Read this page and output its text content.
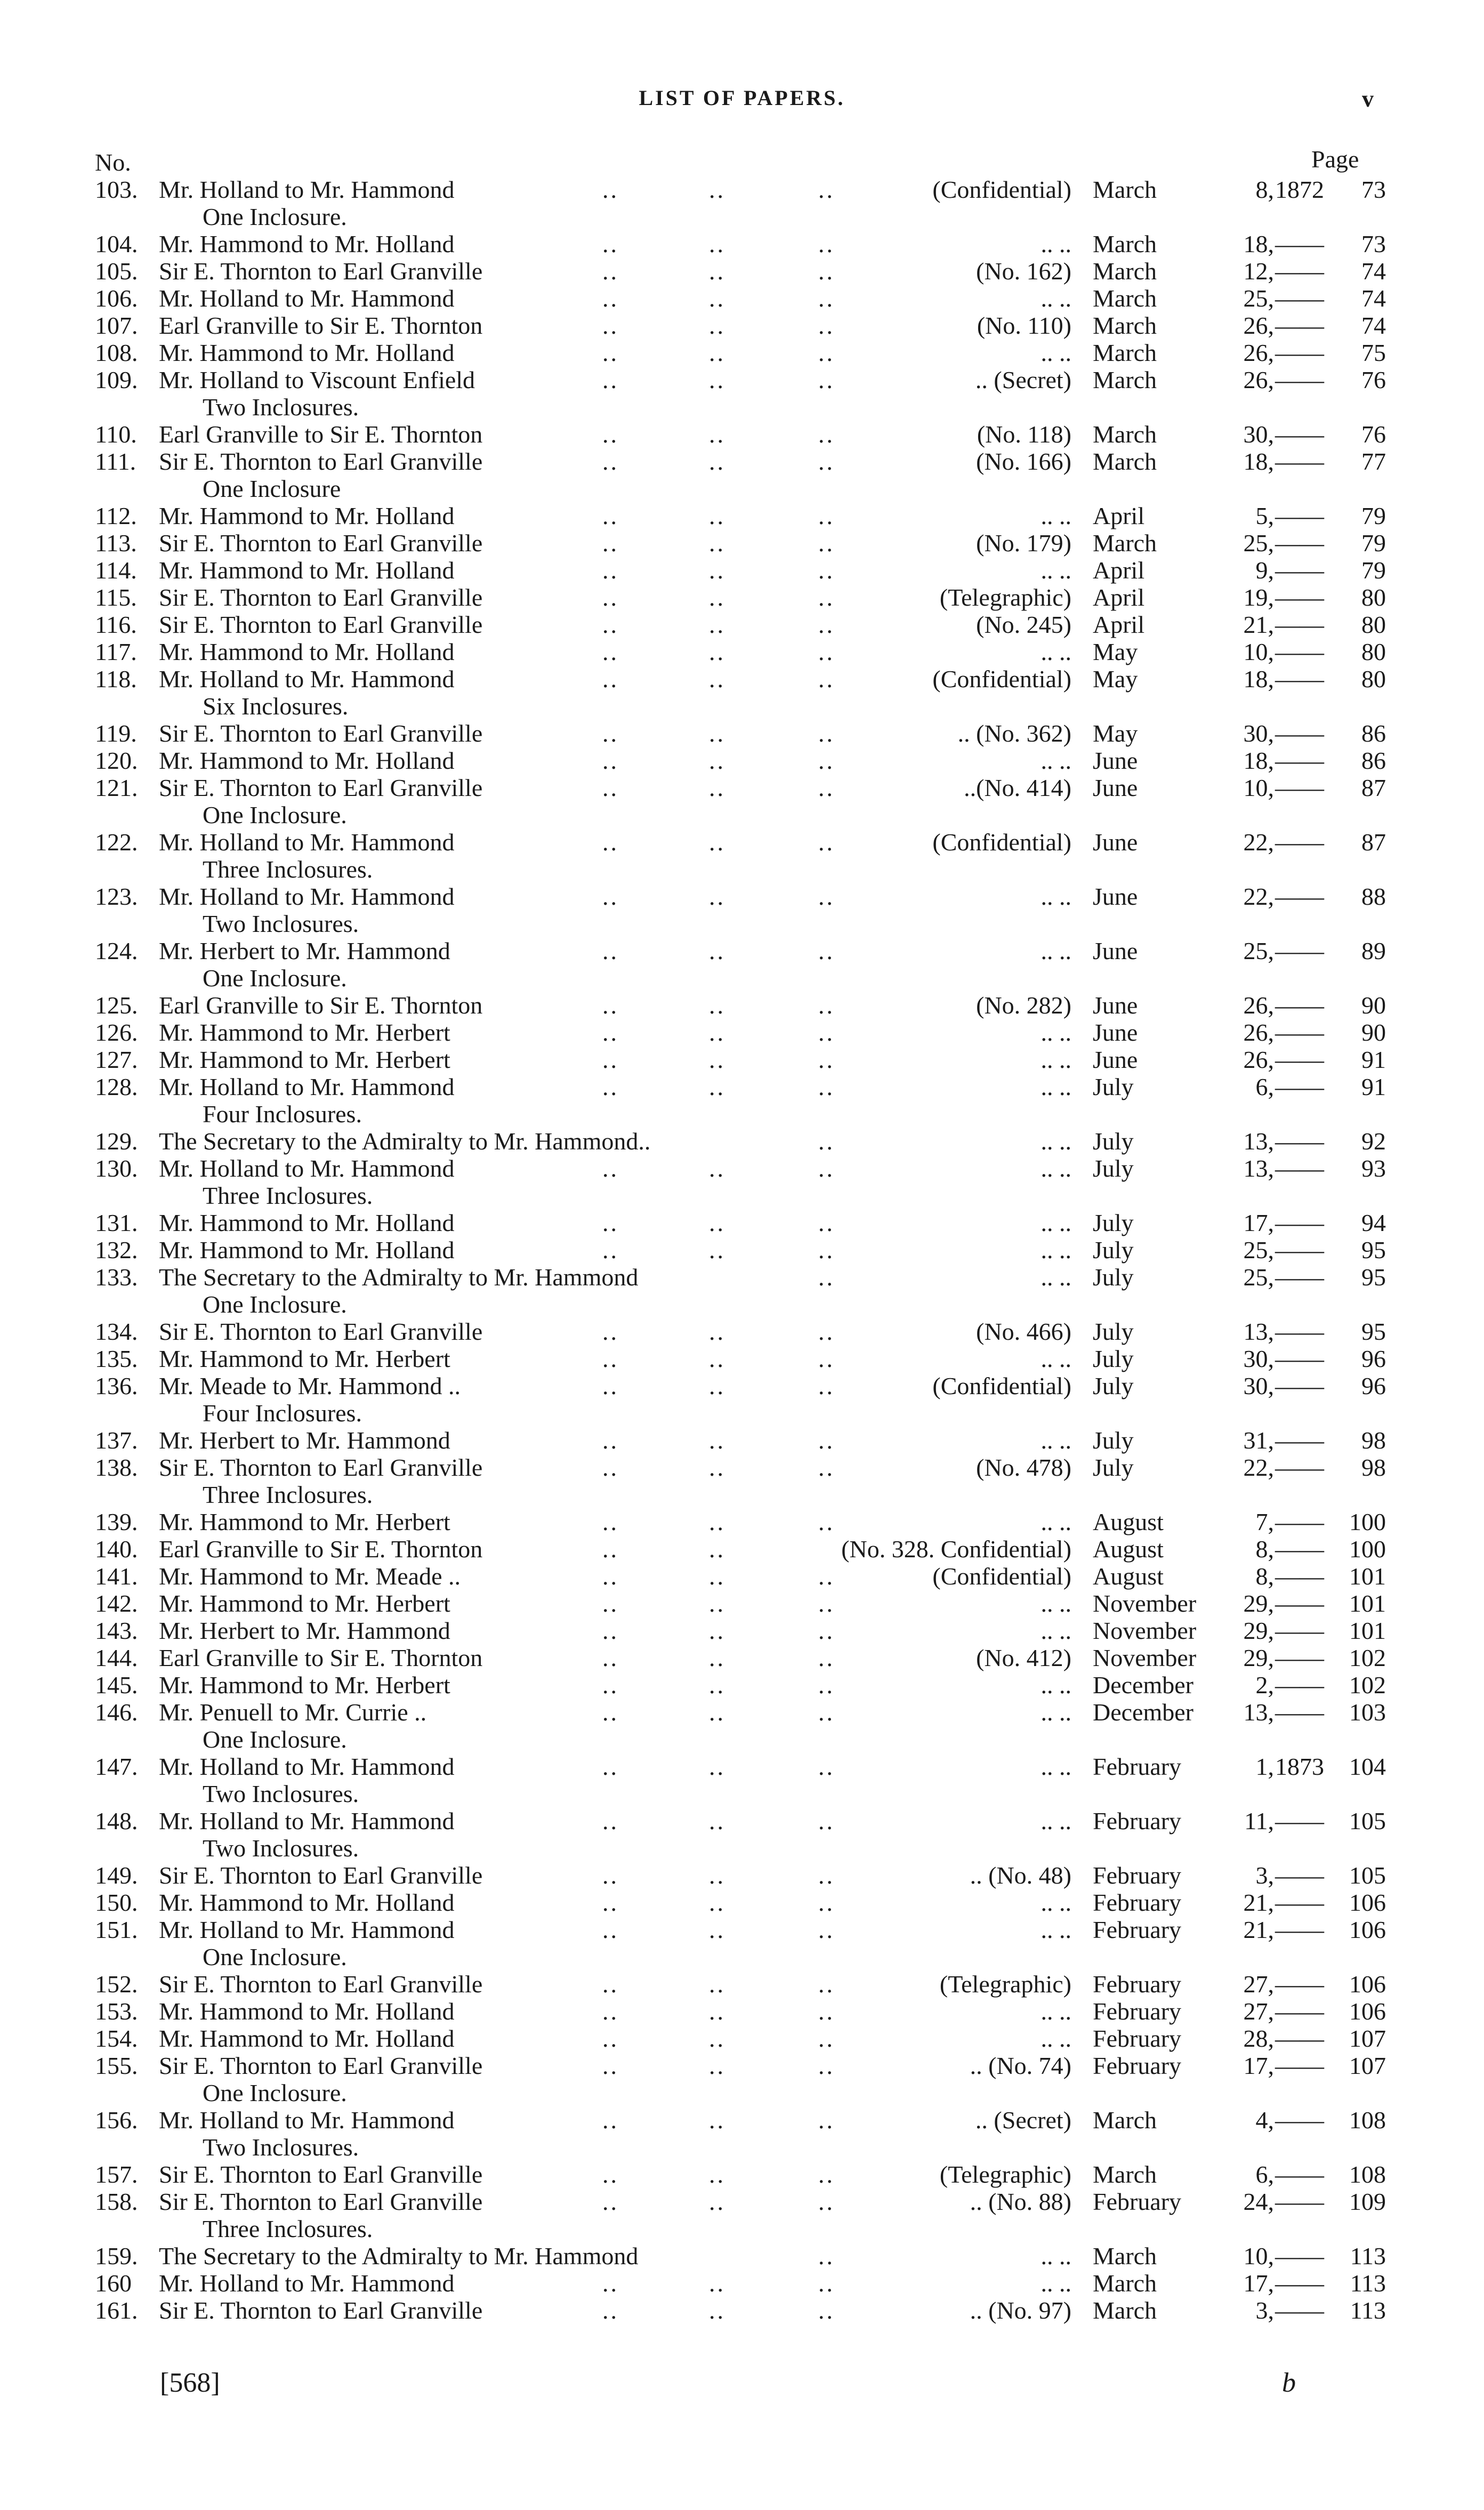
LIST OF PAPERS.	v
No.	Page
103. Mr. Holland to Mr. Hammond	..	..	..	(Confidential) March	8, 1872	73
One Inclosure.
104. Mr. Hammond to Mr. Holland	..	..	..	.. .. March	18, ——	73
105. Sir E. Thornton to Earl Granville	..	..	..	(No. 162) March	12, ——	74
106. Mr. Holland to Mr. Hammond	..	..	..	.. .. March	25, ——	74
107. Earl Granville to Sir E. Thornton	..	..	..	(No. 110) March	26, ——	74
108. Mr. Hammond to Mr. Holland	..	..	..	.. .. March	26, ——	75
109. Mr. Holland to Viscount Enfield	..	..	..	.. (Secret) March	26, ——	76
Two Inclosures.
110. Earl Granville to Sir E. Thornton	..	..	..	(No. 118) March	30, ——	76
111. Sir E. Thornton to Earl Granville	..	..	..	(No. 166) March	18, ——	77
One Inclosure
112. Mr. Hammond to Mr. Holland	..	..	..	.. .. April	5, ——	79
113. Sir E. Thornton to Earl Granville	..	..	..	(No. 179) March	25, ——	79
114. Mr. Hammond to Mr. Holland	..	..	..	.. .. April	9, ——	79
115. Sir E. Thornton to Earl Granville	..	..	..	(Telegraphic) April	19, ——	80
116. Sir E. Thornton to Earl Granville	..	..	..	(No. 245) April	21, ——	80
117. Mr. Hammond to Mr. Holland	..	..	..	.. .. May	10, ——	80
118. Mr. Holland to Mr. Hammond	..	..	..	(Confidential) May	18, ——	80
Six Inclosures.
119. Sir E. Thornton to Earl Granville	..	..	..	.. (No. 362) May	30, ——	86
120. Mr. Hammond to Mr. Holland	..	..	..	.. .. June	18, ——	86
121. Sir E. Thornton to Earl Granville	..	..	..	..(No. 414) June	10, ——	87
One Inclosure.
122. Mr. Holland to Mr. Hammond	..	..	..	(Confidential) June	22, ——	87
Three Inclosures.
123. Mr. Holland to Mr. Hammond	..	..	..	.. .. June	22, ——	88
Two Inclosures.
124. Mr. Herbert to Mr. Hammond	..	..	..	.. .. June	25, ——	89
One Inclosure.
125. Earl Granville to Sir E. Thornton	..	..	..	(No. 282) June	26, ——	90
126. Mr. Hammond to Mr. Herbert	..	..	..	.. .. June	26, ——	90
127. Mr. Hammond to Mr. Herbert	..	..	..	.. .. June	26, ——	91
128. Mr. Holland to Mr. Hammond	..	..	..	.. .. July	6, ——	91
Four Inclosures.
129. The Secretary to the Admiralty to Mr. Hammond..	..	.. .. July	13, ——	92
130. Mr. Holland to Mr. Hammond	..	..	..	.. .. July	13, ——	93
Three Inclosures.
131. Mr. Hammond to Mr. Holland	..	..	..	.. .. July	17, ——	94
132. Mr. Hammond to Mr. Holland	..	..	..	.. .. July	25, ——	95
133. The Secretary to the Admiralty to Mr. Hammond	..	.. .. July	25, ——	95
One Inclosure.
134. Sir E. Thornton to Earl Granville	..	..	..	(No. 466) July	13, ——	95
135. Mr. Hammond to Mr. Herbert	..	..	..	.. .. July	30, ——	96
136. Mr. Meade to Mr. Hammond ..	..	..	..	(Confidential) July	30, ——	96
Four Inclosures.
137. Mr. Herbert to Mr. Hammond	..	..	..	.. .. July	31, ——	98
138. Sir E. Thornton to Earl Granville	..	..	..	(No. 478) July	22, ——	98
Three Inclosures.
139. Mr. Hammond to Mr. Herbert	..	..	..	.. .. August	7, ——	100
140. Earl Granville to Sir E. Thornton	..	..	(No. 328. Confidential) August	8, ——	100
141. Mr. Hammond to Mr. Meade ..	..	..	..	(Confidential) August	8, ——	101
142. Mr. Hammond to Mr. Herbert	..	..	..	.. .. November	29, ——	101
143. Mr. Herbert to Mr. Hammond	..	..	..	.. .. November	29, ——	101
144. Earl Granville to Sir E. Thornton	..	..	..	(No. 412) November	29, ——	102
145. Mr. Hammond to Mr. Herbert	..	..	..	.. .. December	2, ——	102
146. Mr. Penuell to Mr. Currie ..	..	..	..	.. .. December	13, ——	103
One Inclosure.
147. Mr. Holland to Mr. Hammond	..	..	..	.. .. February	1, 1873	104
Two Inclosures.
148. Mr. Holland to Mr. Hammond	..	..	..	.. .. February	11, ——	105
Two Inclosures.
149. Sir E. Thornton to Earl Granville	..	..	..	.. (No. 48) February	3, ——	105
150. Mr. Hammond to Mr. Holland	..	..	..	.. .. February	21, ——	106
151. Mr. Holland to Mr. Hammond	..	..	..	.. .. February	21, ——	106
One Inclosure.
152. Sir E. Thornton to Earl Granville	..	..	..	(Telegraphic) February	27, ——	106
153. Mr. Hammond to Mr. Holland	..	..	..	.. .. February	27, ——	106
154. Mr. Hammond to Mr. Holland	..	..	..	.. .. February	28, ——	107
155. Sir E. Thornton to Earl Granville	..	..	..	.. (No. 74) February	17, ——	107
One Inclosure.
156. Mr. Holland to Mr. Hammond	..	..	..	.. (Secret) March	4, ——	108
Two Inclosures.
157. Sir E. Thornton to Earl Granville	..	..	..	(Telegraphic) March	6, ——	108
158. Sir E. Thornton to Earl Granville	..	..	..	.. (No. 88) February	24, ——	109
Three Inclosures.
159. The Secretary to the Admiralty to Mr. Hammond	..	.. .. March	10, ——	113
160 Mr. Holland to Mr. Hammond	..	..	..	.. .. March	17, ——	113
161. Sir E. Thornton to Earl Granville	..	..	..	.. (No. 97) March	3, ——	113
[568]	b
